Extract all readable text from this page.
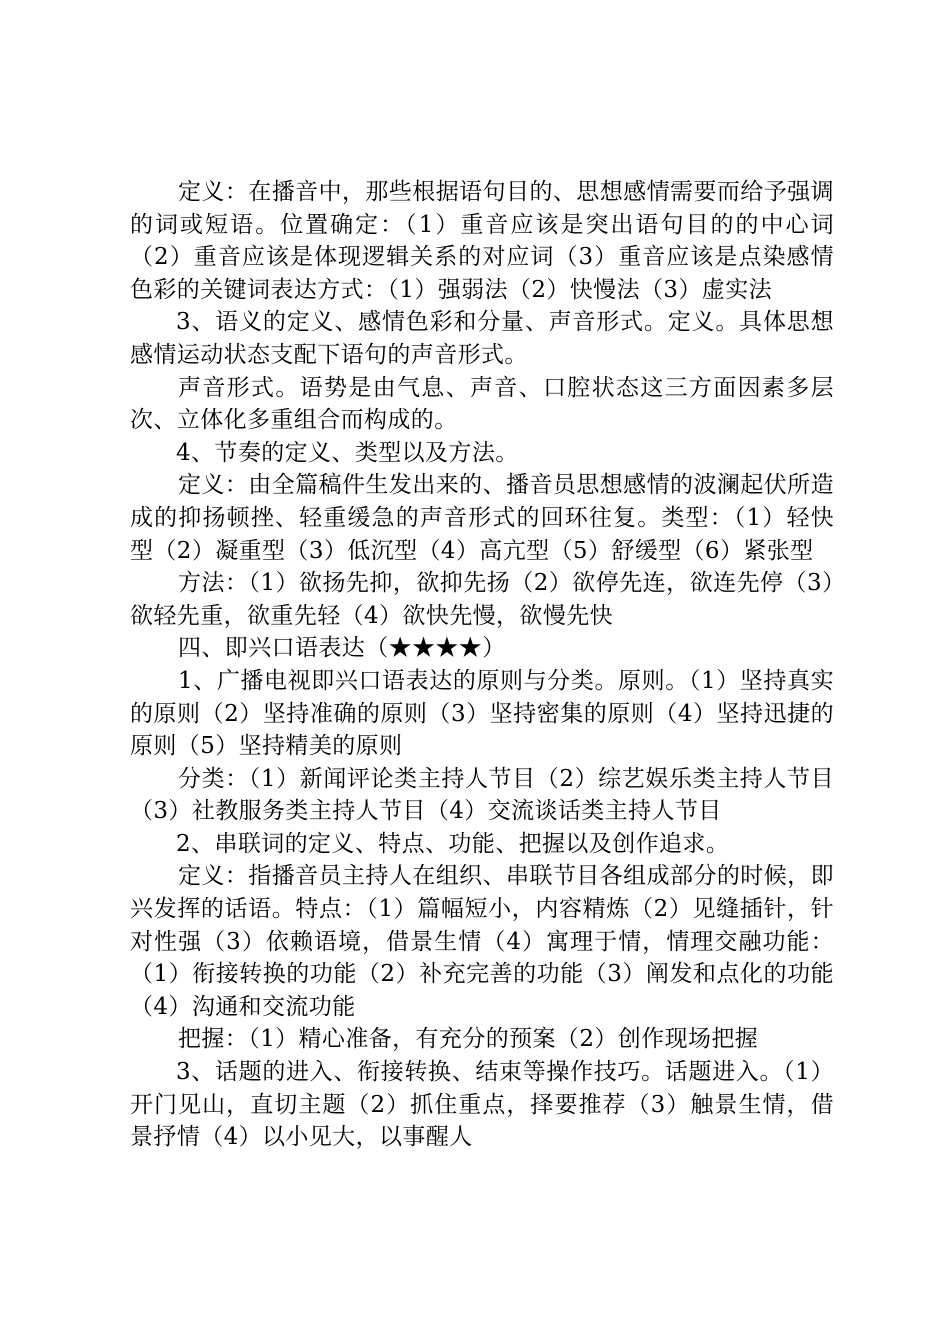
定义：在播音中，那些根据语句目的、思想感情需要而给予强调的词或短语。位置确定：（1）重音应该是突出语句目的的中心词（2）重音应该是体现逻辑关系的对应词（3）重音应该是点染感情色彩的关键词表达方式：（1）强弱法（2）快慢法（3）虚实法

3、语义的定义、感情色彩和分量、声音形式。定义。具体思想感情运动状态支配下语句的声音形式。

声音形式。语势是由气息、声音、口腔状态这三方面因素多层次、立体化多重组合而构成的。

4、节奏的定义、类型以及方法。

定义：由全篇稿件生发出来的、播音员思想感情的波澜起伏所造成的抑扬顿挫、轻重缓急的声音形式的回环往复。类型：（1）轻快型（2）凝重型（3）低沉型（4）高亢型（5）舒缓型（6）紧张型

方法：（1）欲扬先抑，欲抑先扬（2）欲停先连，欲连先停（3）欲轻先重，欲重先轻（4）欲快先慢，欲慢先快

四、即兴口语表达（★★★★）

1、广播电视即兴口语表达的原则与分类。原则。（1）坚持真实的原则（2）坚持准确的原则（3）坚持密集的原则（4）坚持迅捷的原则（5）坚持精美的原则

分类：（1）新闻评论类主持人节目（2）综艺娱乐类主持人节目（3）社教服务类主持人节目（4）交流谈话类主持人节目

2、串联词的定义、特点、功能、把握以及创作追求。

定义：指播音员主持人在组织、串联节目各组成部分的时候，即兴发挥的话语。特点：（1）篇幅短小，内容精炼（2）见缝插针，针对性强（3）依赖语境，借景生情（4）寓理于情，情理交融功能：（1）衔接转换的功能（2）补充完善的功能（3）阐发和点化的功能（4）沟通和交流功能

把握：（1）精心准备，有充分的预案（2）创作现场把握

3、话题的进入、衔接转换、结束等操作技巧。话题进入。（1）开门见山，直切主题（2）抓住重点，择要推荐（3）触景生情，借景抒情（4）以小见大，以事醒人
